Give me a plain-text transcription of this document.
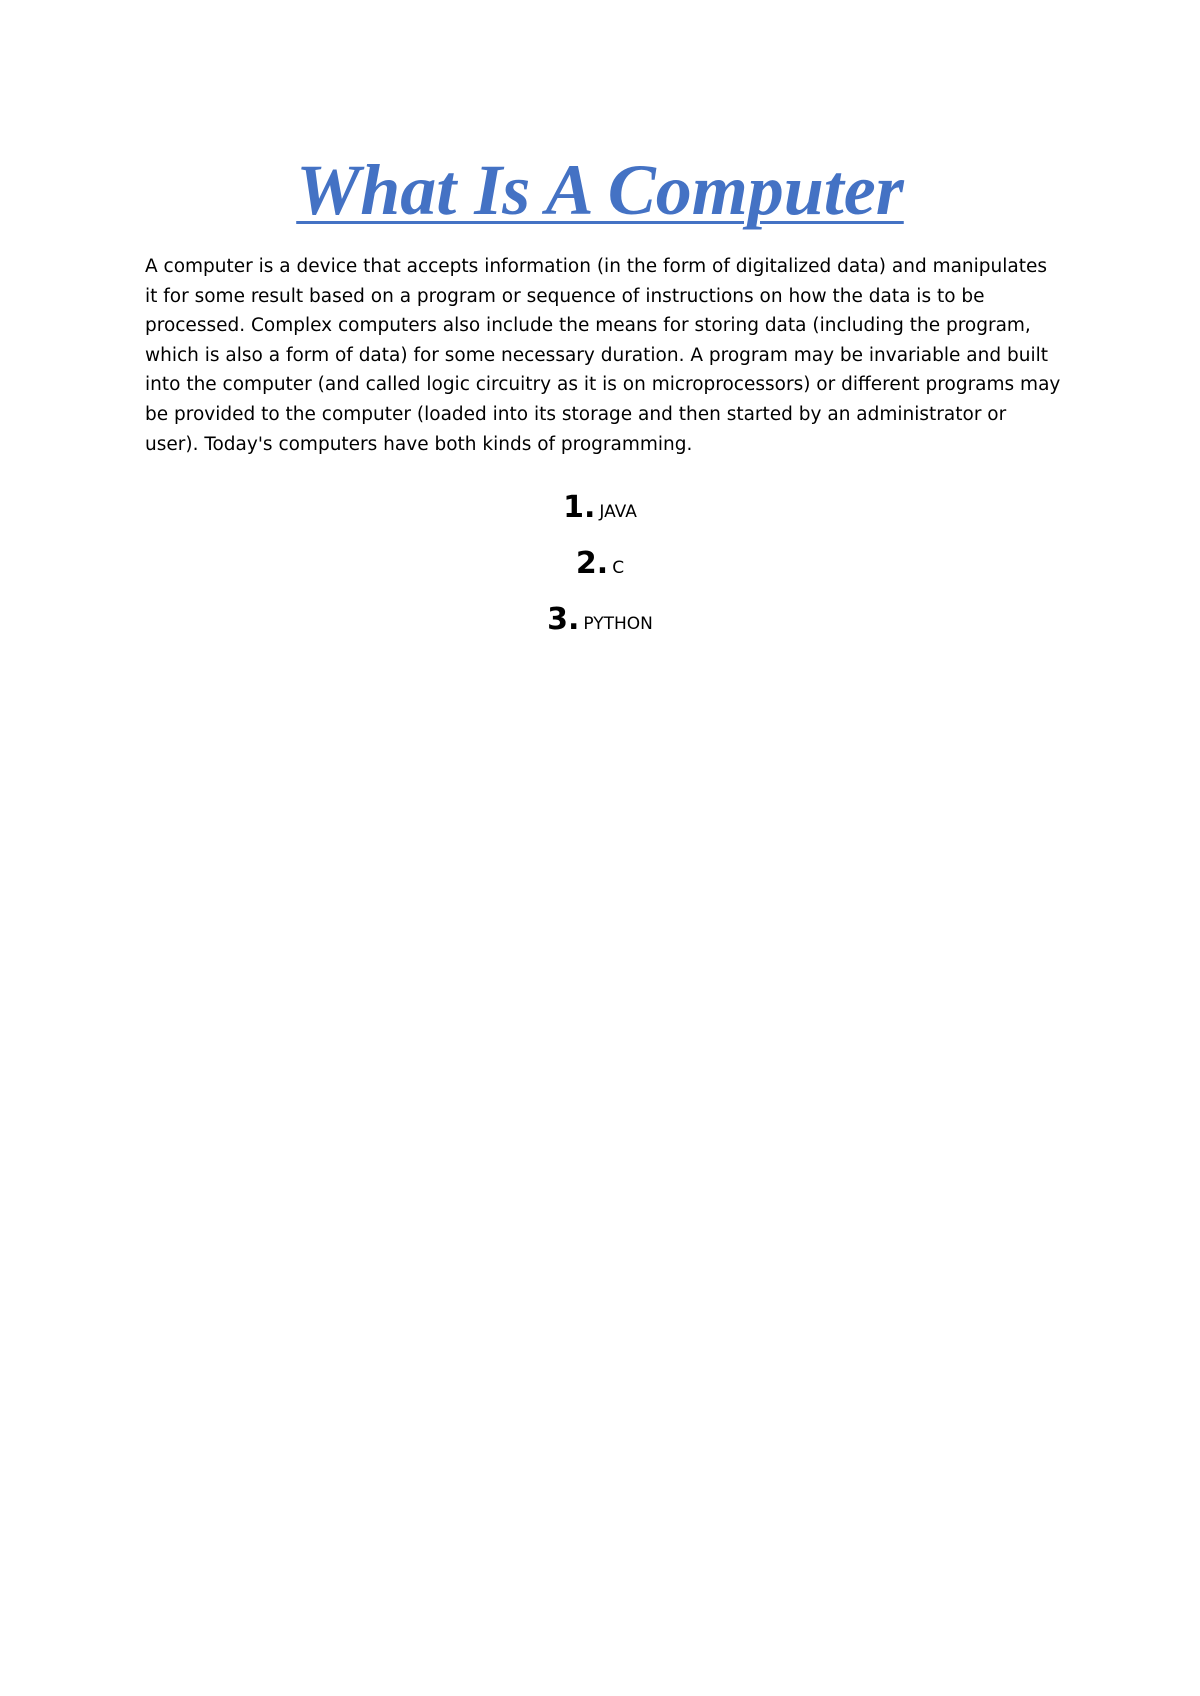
What Is A Computer

A computer is a device that accepts information (in the form of digitalized data) and manipulates it for some result based on a program or sequence of instructions on how the data is to be processed. Complex computers also include the means for storing data (including the program, which is also a form of data) for some necessary duration. A program may be invariable and built into the computer (and called logic circuitry as it is on microprocessors) or different programs may be provided to the computer (loaded into its storage and then started by an administrator or user). Today's computers have both kinds of programming.

1. JAVA
2. C
3. PYTHON
